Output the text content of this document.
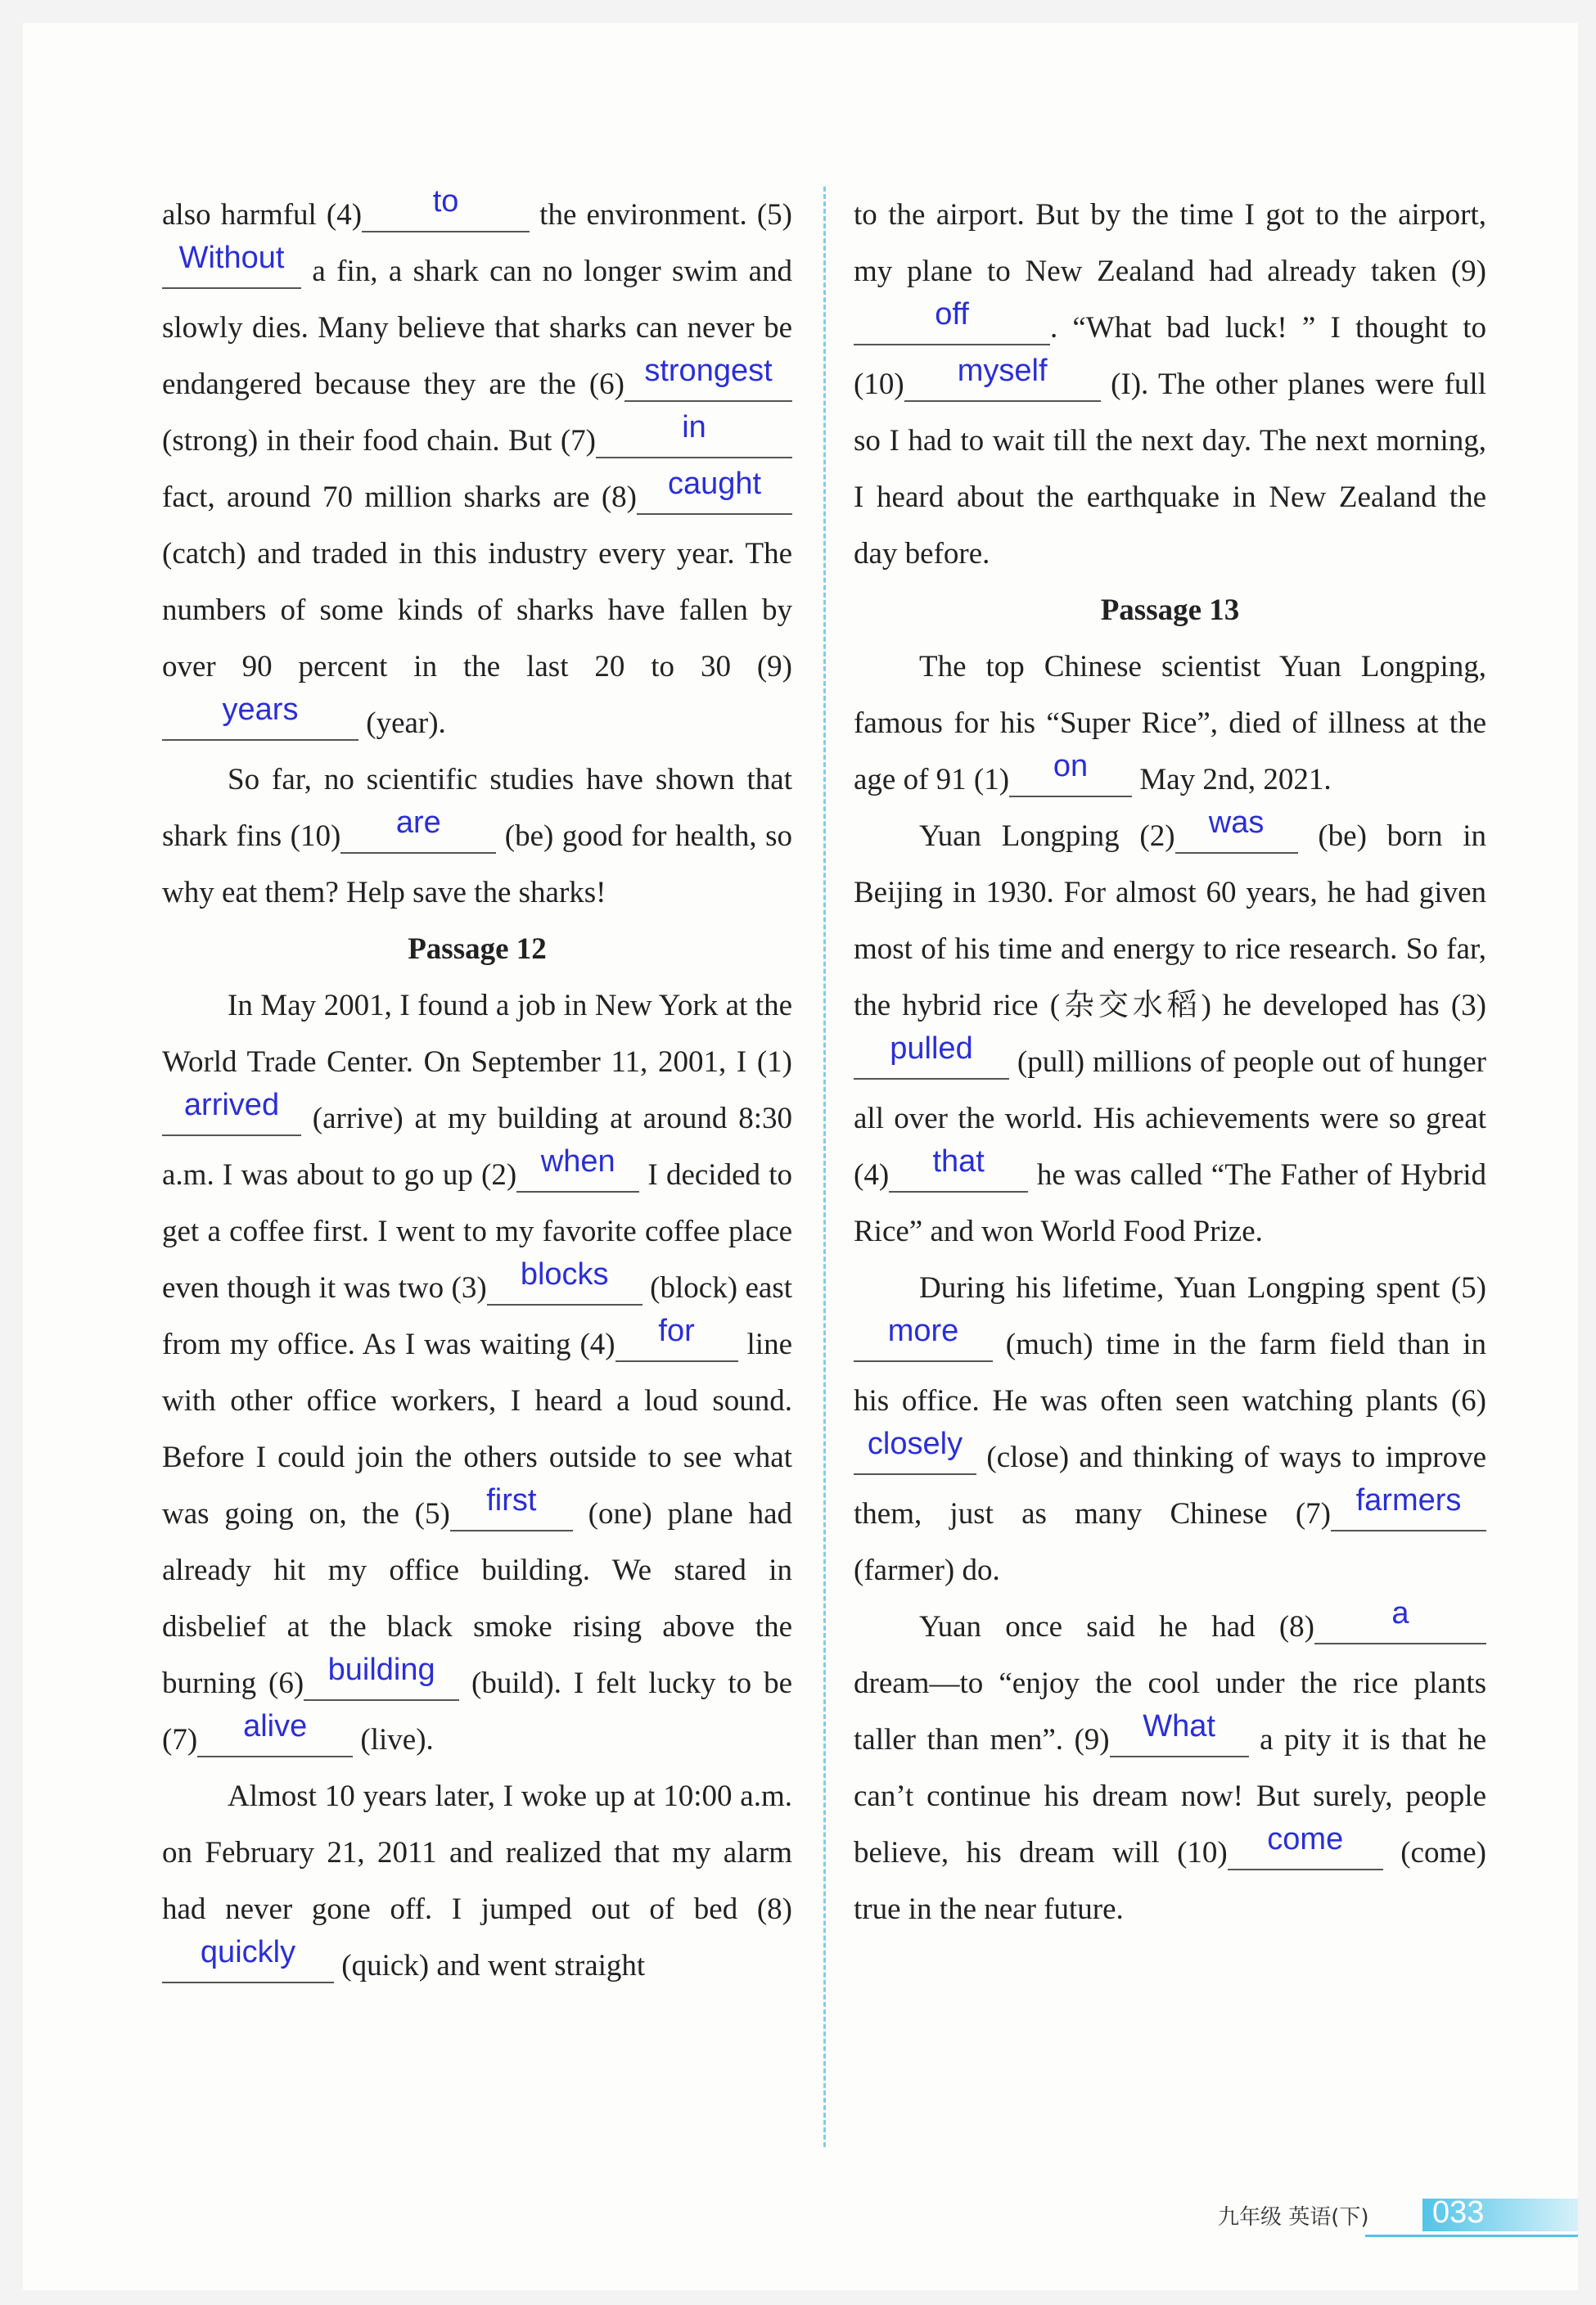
also harmful (4) to the environment. (5)Without a fin, a shark can no longer swim and slowly dies. Many believe that sharks can never be endangered because they are the (6) strongest (strong) in their food chain. But (7)	in fact, around 70 million sharks are (8) caught (catch) and traded in this industry every year. The numbers of some kinds of sharks have fallen by over 90 percent in the last 20 to 30 (9)years (year).

So far, no scientific studies have shown that shark fins (10) are (be) good for health, so why eat them? Help save the sharks!

Passage 12

In May 2001, I found a job in New York at the World Trade Center. On September 11, 2001, I (1)arrived (arrive) at my building at around 8:30 a.m. I was about to go up (2) when I decided to get a coffee first. I went to my favorite coffee place even though it was two (3) blocks (block) east from my office. As I was waiting (4) for line with other office workers, I heard a loud sound. Before I could join the others outside to see what was going on, the (5) first (one) plane had already hit my office building. We stared in disbelief at the black smoke rising above the burning (6) building (build). I felt lucky to be (7) alive (live).

Almost 10 years later, I woke up at 10:00 a.m. on February 21, 2011 and realized that my alarm had never gone off. I jumped out of bed (8)quickly (quick) and went straight

to the airport. But by the time I got to the airport, my plane to New Zealand had already taken (9)off	. “What bad luck! ” I thought to (10) myself (I). The other planes were full so I had to wait till the next day. The next morning, I heard about the earthquake in New Zealand the day before.

Passage 13

The top Chinese scientist Yuan Longping, famous for his “Super Rice”, died of illness at the age of 91 (1) on May 2nd, 2021.

Yuan Longping (2) was (be) born in Beijing in 1930. For almost 60 years, he had given most of his time and energy to rice research. So far, the hybrid rice (杂交水稻) he developed has (3)pulled (pull) millions of people out of hunger all over the world. His achievements were so great (4) that he was called “The Father of Hybrid Rice” and won World Food Prize.

During his lifetime, Yuan Longping spent (5)more (much) time in the farm field than in his office. He was often seen watching plants (6)closely (close) and thinking of ways to improve them, just as many Chinese (7) farmers (farmer) do.

Yuan once said he had (8) a dream—to “enjoy the cool under the rice plants taller than men”. (9) What a pity it is that he can’t continue his dream now! But surely, people believe, his dream will (10) come (come) true in the near future.

九年级 英语(下) 033
